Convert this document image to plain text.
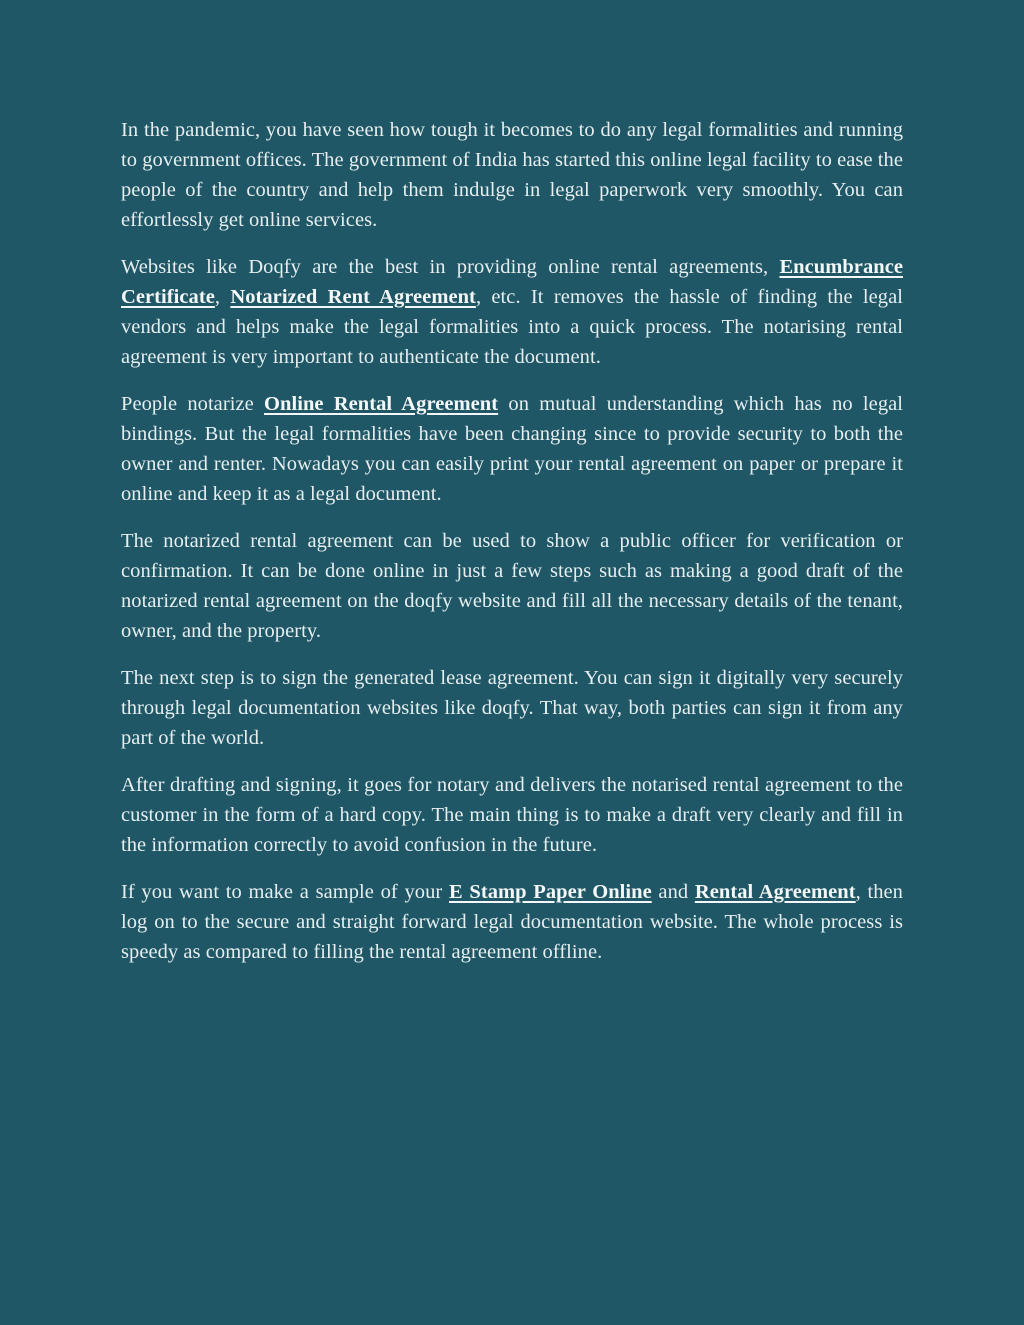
In the pandemic, you have seen how tough it becomes to do any legal formalities and running to government offices. The government of India has started this online legal facility to ease the people of the country and help them indulge in legal paperwork very smoothly. You can effortlessly get online services.

Websites like Doqfy are the best in providing online rental agreements, Encumbrance Certificate, Notarized Rent Agreement, etc. It removes the hassle of finding the legal vendors and helps make the legal formalities into a quick process. The notarising rental agreement is very important to authenticate the document.

People notarize Online Rental Agreement on mutual understanding which has no legal bindings. But the legal formalities have been changing since to provide security to both the owner and renter. Nowadays you can easily print your rental agreement on paper or prepare it online and keep it as a legal document.

The notarized rental agreement can be used to show a public officer for verification or confirmation. It can be done online in just a few steps such as making a good draft of the notarized rental agreement on the doqfy website and fill all the necessary details of the tenant, owner, and the property.

The next step is to sign the generated lease agreement. You can sign it digitally very securely through legal documentation websites like doqfy. That way, both parties can sign it from any part of the world.

After drafting and signing, it goes for notary and delivers the notarised rental agreement to the customer in the form of a hard copy. The main thing is to make a draft very clearly and fill in the information correctly to avoid confusion in the future.

If you want to make a sample of your E Stamp Paper Online and Rental Agreement, then log on to the secure and straight forward legal documentation website. The whole process is speedy as compared to filling the rental agreement offline.
